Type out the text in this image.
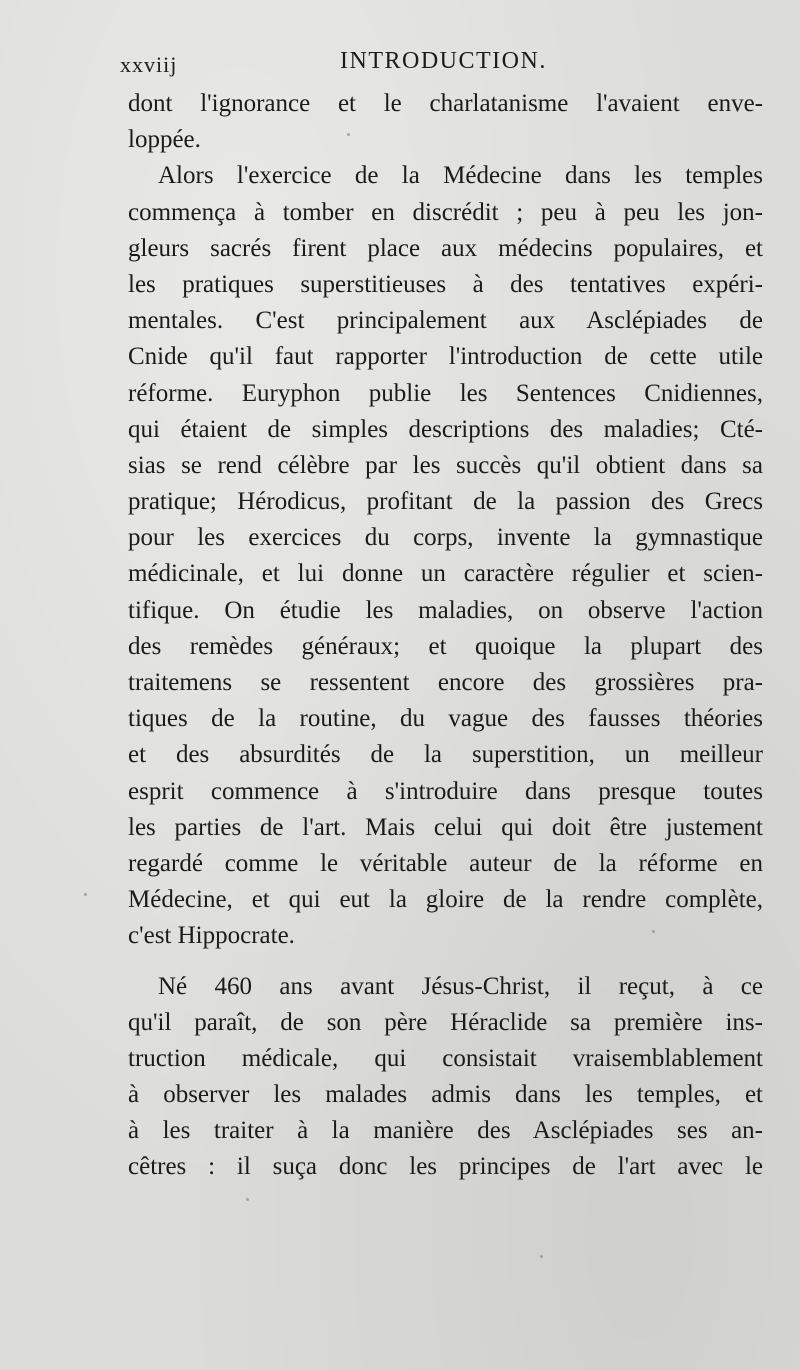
xxviij	INTRODUCTION.
dont l'ignorance et le charlatanisme l'avaient enve-
loppée.
Alors l'exercice de la Médecine dans les temples
commença à tomber en discrédit ; peu à peu les jon-
gleurs sacrés firent place aux médecins populaires, et
les pratiques superstitieuses à des tentatives expéri-
mentales. C'est principalement aux Asclépiades de
Cnide qu'il faut rapporter l'introduction de cette utile
réforme. Euryphon publie les Sentences Cnidiennes,
qui étaient de simples descriptions des maladies; Cté-
sias se rend célèbre par les succès qu'il obtient dans sa
pratique; Hérodicus, profitant de la passion des Grecs
pour les exercices du corps, invente la gymnastique
médicinale, et lui donne un caractère régulier et scien-
tifique. On étudie les maladies, on observe l'action
des remèdes généraux; et quoique la plupart des
traitemens se ressentent encore des grossières pra-
tiques de la routine, du vague des fausses théories
et des absurdités de la superstition, un meilleur
esprit commence à s'introduire dans presque toutes
les parties de l'art. Mais celui qui doit être justement
regardé comme le véritable auteur de la réforme en
Médecine, et qui eut la gloire de la rendre complète,
c'est Hippocrate.
Né 460 ans avant Jésus-Christ, il reçut, à ce
qu'il paraît, de son père Héraclide sa première ins-
truction médicale, qui consistait vraisemblablement
à observer les malades admis dans les temples, et
à les traiter à la manière des Asclépiades ses an-
cêtres : il suça donc les principes de l'art avec le
